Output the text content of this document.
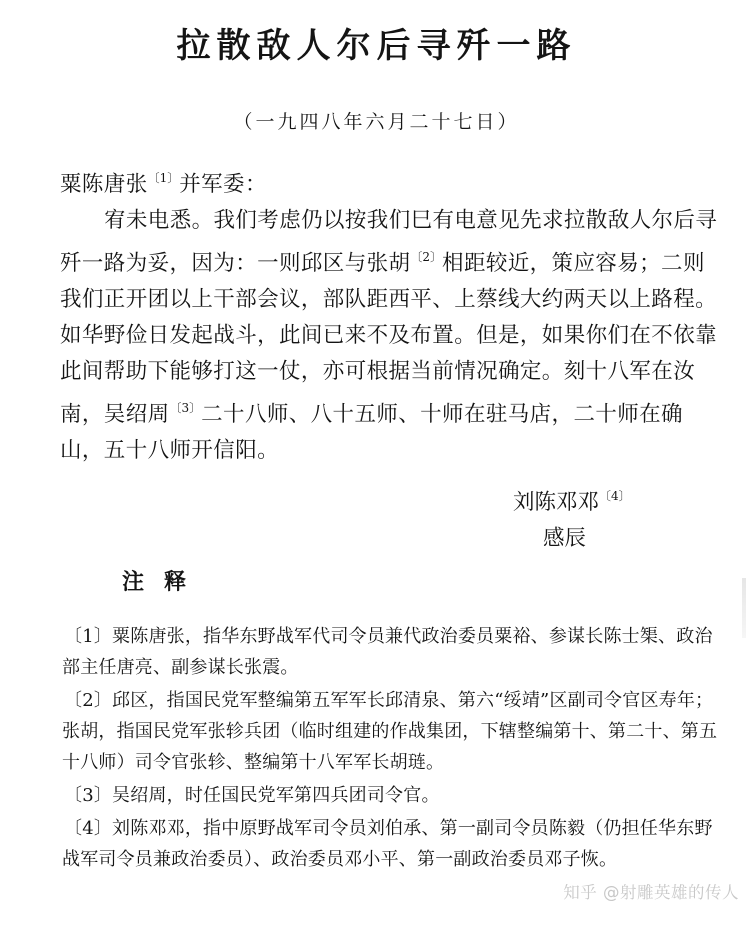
拉散敌人尔后寻歼一路
（一九四八年六月二十七日）

粟陈唐张$^{〔1〕}$并军委：

宥未电悉。我们考虑仍以按我们巳有电意见先求拉散敌人尔后寻歼一路为妥，因为：一则邱区与张胡$^{〔2〕}$相距较近，策应容易；二则我们正开团以上干部会议，部队距西平、上蔡线大约两天以上路程。如华野俭日发起战斗，此间已来不及布置。但是，如果你们在不依靠此间帮助下能够打这一仗，亦可根据当前情况确定。刻十八军在汝南，吴绍周$^{〔3〕}$二十八师、八十五师、十师在驻马店，二十师在确山，五十八师开信阳。

刘陈邓邓$^{〔4〕}$
感辰
注释

〔1〕粟陈唐张，指华东野战军代司令员兼代政治委员粟裕、参谋长陈士榘、政治部主任唐亮、副参谋长张震。

〔2〕邱区，指国民党军整编第五军军长邱清泉、第六“绥靖”区副司令官区寿年；张胡，指国民党军张轸兵团（临时组建的作战集团，下辖整编第十、第二十、第五十八师）司令官张轸、整编第十八军军长胡琏。

〔3〕吴绍周，时任国民党军第四兵团司令官。

〔4〕刘陈邓邓，指中原野战军司令员刘伯承、第一副司令员陈毅（仍担任华东野战军司令员兼政治委员）、政治委员邓小平、第一副政治委员邓子恢。

知乎 @射雕英雄的传人
